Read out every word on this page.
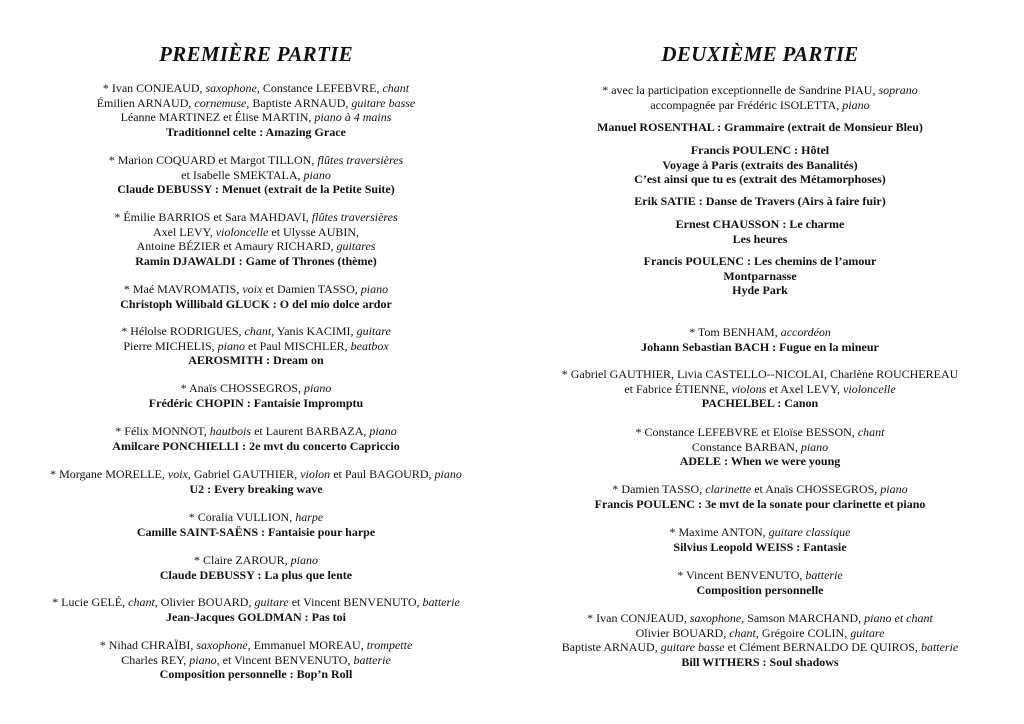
PREMIÈRE PARTIE
* Ivan CONJEAUD, saxophone, Constance LEFEBVRE, chant
Émilien ARNAUD, cornemuse, Baptiste ARNAUD, guitare basse
Léanne MARTINEZ et Élise MARTIN, piano à 4 mains
Traditionnel celte : Amazing Grace
* Marion COQUARD et Margot TILLON, flûtes traversières
et Isabelle SMEKTALA, piano
Claude DEBUSSY : Menuet (extrait de la Petite Suite)
* Émilie BARRIOS et Sara MAHDAVI, flûtes traversières
Axel LEVY, violoncelle et Ulysse AUBIN,
Antoine BÉZIER et Amaury RICHARD, guitares
Ramin DJAWALDI : Game of Thrones (thème)
* Maé MAVROMATIS, voix et Damien TASSO, piano
Christoph Willibald GLUCK : O del mio dolce ardor
* Hélolse RODRIGUES, chant, Yanis KACIMI, guitare
Pierre MICHELIS, piano et Paul MISCHLER, beatbox
AEROSMITH : Dream on
* Anaïs CHOSSEGROS, piano
Frédéric CHOPIN : Fantaisie Impromptu
* Félix MONNOT, hautbois et Laurent BARBAZA, piano
Amilcare PONCHIELLI : 2e mvt du concerto Capriccio
* Morgane MORELLE, voix, Gabriel GAUTHIER, violon et Paul BAGOURD, piano
U2 : Every breaking wave
* Coralia VULLION, harpe
Camille SAINT-SAËNS : Fantaisie pour harpe
* Claire ZAROUR, piano
Claude DEBUSSY : La plus que lente
* Lucie GELÉ, chant, Olivier BOUARD, guitare et Vincent BENVENUTO, batterie
Jean-Jacques GOLDMAN : Pas toi
* Nihad CHRAÏBI, saxophone, Emmanuel MOREAU, trompette
Charles REY, piano, et Vincent BENVENUTO, batterie
Composition personnelle : Bop’n Roll
DEUXIÈME PARTIE
* avec la participation exceptionnelle de Sandrine PIAU, soprano
accompagnée par Frédéric ISOLETTA, piano
Manuel ROSENTHAL : Grammaire (extrait de Monsieur Bleu)
Francis POULENC : Hôtel
Voyage à Paris (extraits des Banalités)
C’est ainsi que tu es (extrait des Métamorphoses)
Erik SATIE : Danse de Travers (Airs à faire fuir)
Ernest CHAUSSON : Le charme
Les heures
Francis POULENC : Les chemins de l’amour
Montparnasse
Hyde Park
* Tom BENHAM, accordéon
Johann Sebastian BACH : Fugue en la mineur
* Gabriel GAUTHIER, Livia CASTELLO--NICOLAI, Charlène ROUCHEREAU
et Fabrice ÉTIENNE, violons et Axel LEVY, violoncelle
PACHELBEL : Canon
* Constance LEFEBVRE et Eloïse BESSON, chant
Constance BARBAN, piano
ADELE : When we were young
* Damien TASSO, clarinette et Anaïs CHOSSEGROS, piano
Francis POULENC : 3e mvt de la sonate pour clarinette et piano
* Maxime ANTON, guitare classique
Silvius Leopold WEISS : Fantasie
* Vincent BENVENUTO, batterie
Composition personnelle
* Ivan CONJEAUD, saxophone, Samson MARCHAND, piano et chant
Olivier BOUARD, chant, Grégoire COLIN, guitare
Baptiste ARNAUD, guitare basse et Clément BERNALDO DE QUIROS, batterie
Bill WITHERS : Soul shadows
